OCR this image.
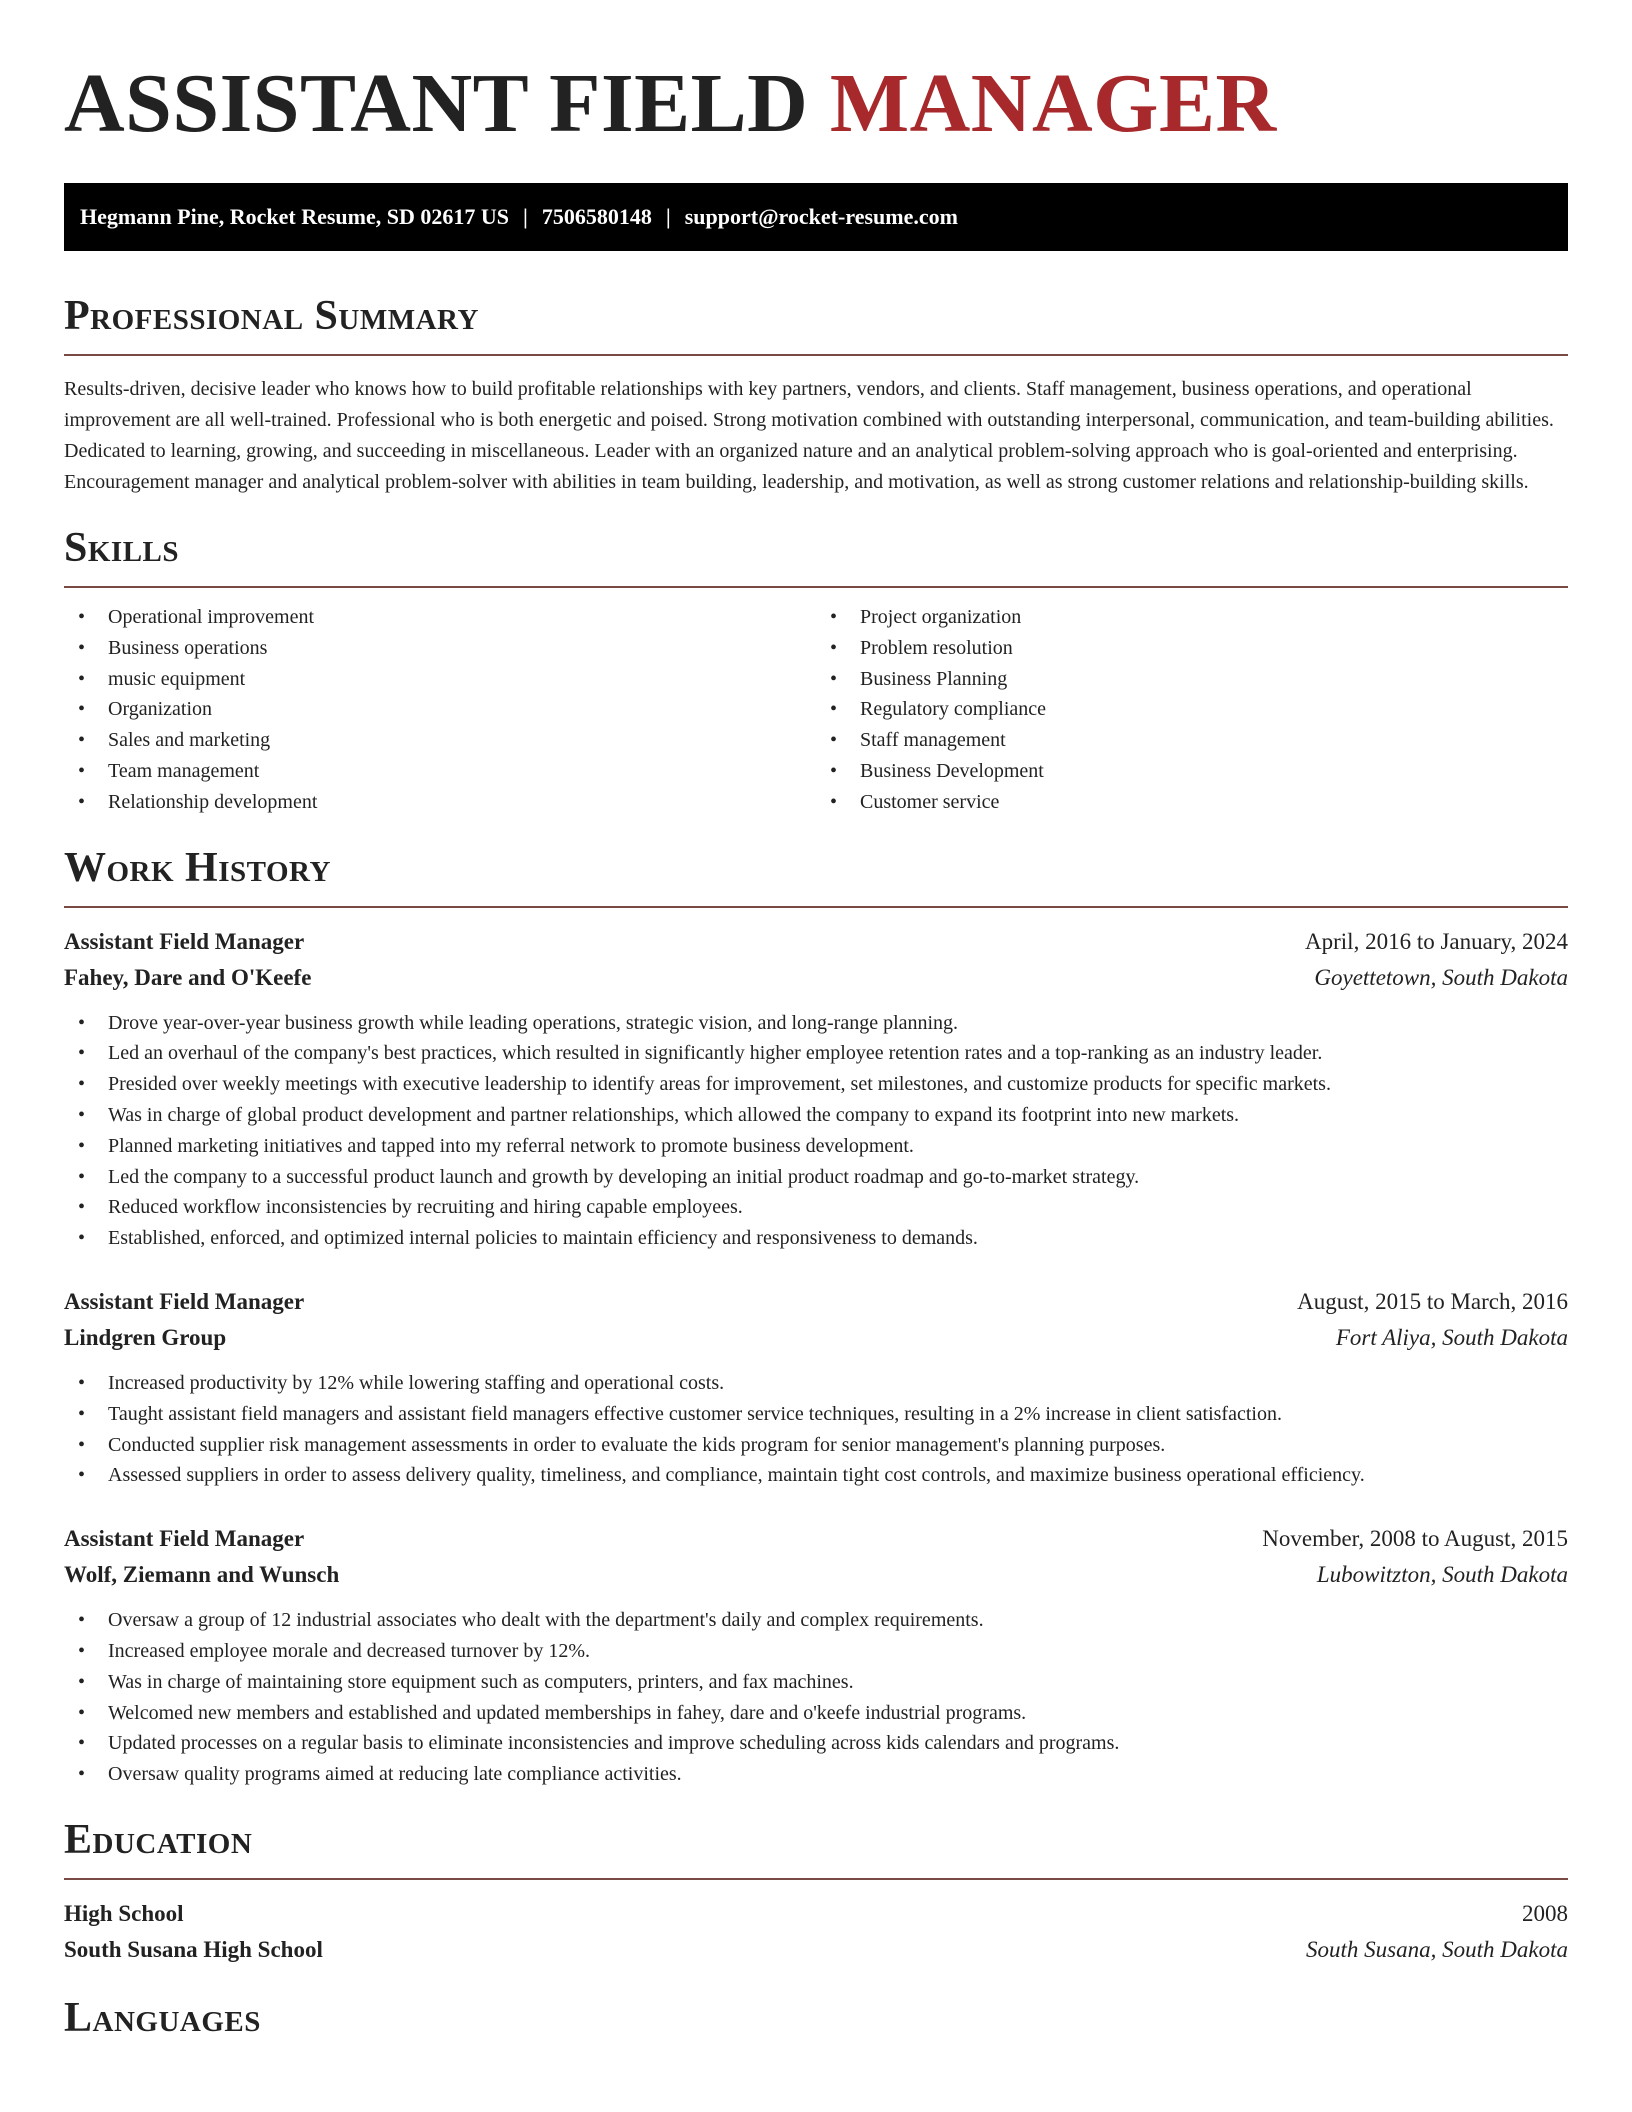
ASSISTANT FIELD MANAGER
Hegmann Pine, Rocket Resume, SD 02617 US | 7506580148 | support@rocket-resume.com
Professional Summary

Results-driven, decisive leader who knows how to build profitable relationships with key partners, vendors, and clients. Staff management, business operations, and operational improvement are all well-trained. Professional who is both energetic and poised. Strong motivation combined with outstanding interpersonal, communication, and team-building abilities. Dedicated to learning, growing, and succeeding in miscellaneous. Leader with an organized nature and an analytical problem-solving approach who is goal-oriented and enterprising. Encouragement manager and analytical problem-solver with abilities in team building, leadership, and motivation, as well as strong customer relations and relationship-building skills.

Skills
• Operational improvement
• Business operations
• music equipment
• Organization
• Sales and marketing
• Team management
• Relationship development
• Project organization
• Problem resolution
• Business Planning
• Regulatory compliance
• Staff management
• Business Development
• Customer service
Work History
Assistant Field Manager	April, 2016 to January, 2024
Fahey, Dare and O'Keefe	Goyettetown, South Dakota
• Drove year-over-year business growth while leading operations, strategic vision, and long-range planning.
• Led an overhaul of the company's best practices, which resulted in significantly higher employee retention rates and a top-ranking as an industry leader.
• Presided over weekly meetings with executive leadership to identify areas for improvement, set milestones, and customize products for specific markets.
• Was in charge of global product development and partner relationships, which allowed the company to expand its footprint into new markets.
• Planned marketing initiatives and tapped into my referral network to promote business development.
• Led the company to a successful product launch and growth by developing an initial product roadmap and go-to-market strategy.
• Reduced workflow inconsistencies by recruiting and hiring capable employees.
• Established, enforced, and optimized internal policies to maintain efficiency and responsiveness to demands.
Assistant Field Manager	August, 2015 to March, 2016
Lindgren Group	Fort Aliya, South Dakota
• Increased productivity by 12% while lowering staffing and operational costs.
• Taught assistant field managers and assistant field managers effective customer service techniques, resulting in a 2% increase in client satisfaction.
• Conducted supplier risk management assessments in order to evaluate the kids program for senior management's planning purposes.
• Assessed suppliers in order to assess delivery quality, timeliness, and compliance, maintain tight cost controls, and maximize business operational efficiency.
Assistant Field Manager	November, 2008 to August, 2015
Wolf, Ziemann and Wunsch	Lubowitzton, South Dakota
• Oversaw a group of 12 industrial associates who dealt with the department's daily and complex requirements.
• Increased employee morale and decreased turnover by 12%.
• Was in charge of maintaining store equipment such as computers, printers, and fax machines.
• Welcomed new members and established and updated memberships in fahey, dare and o'keefe industrial programs.
• Updated processes on a regular basis to eliminate inconsistencies and improve scheduling across kids calendars and programs.
• Oversaw quality programs aimed at reducing late compliance activities.
Education
High School	2008
South Susana High School	South Susana, South Dakota
Languages
